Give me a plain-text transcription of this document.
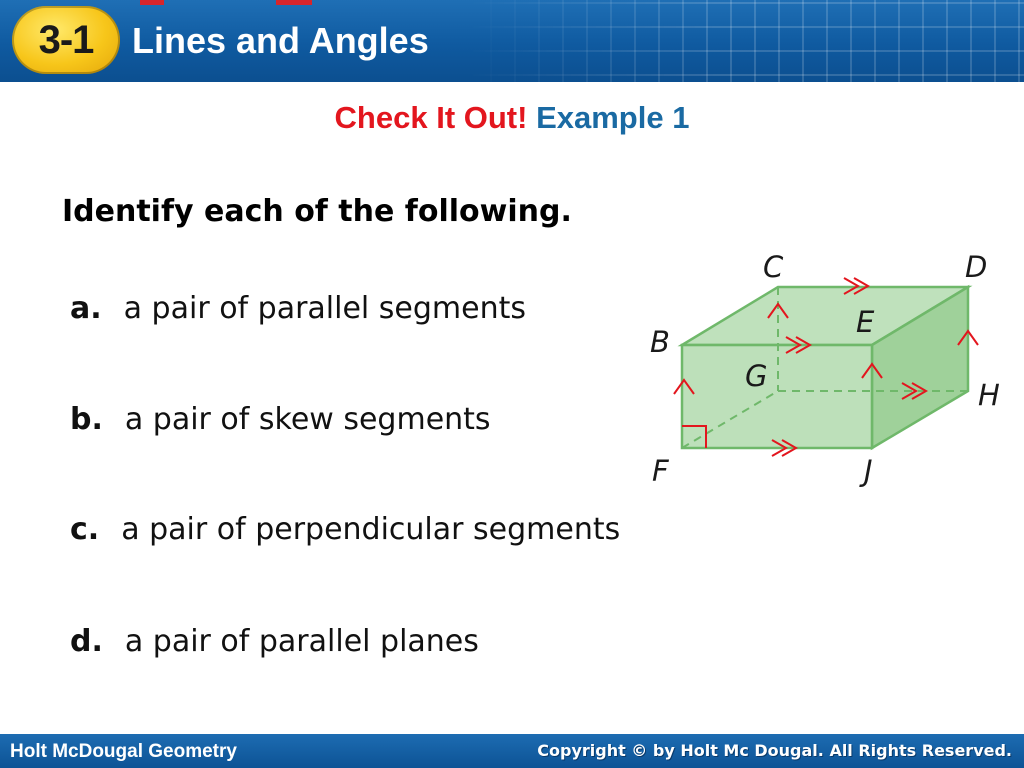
3-1 Lines and Angles
Check It Out! Example 1
Identify each of the following.
a. a pair of parallel segments
b. a pair of skew segments
c. a pair of perpendicular segments
d. a pair of parallel planes
C	D
E
B
G
H
F	J
Holt McDougal Geometry	Copyright © by Holt Mc Dougal. All Rights Reserved.
